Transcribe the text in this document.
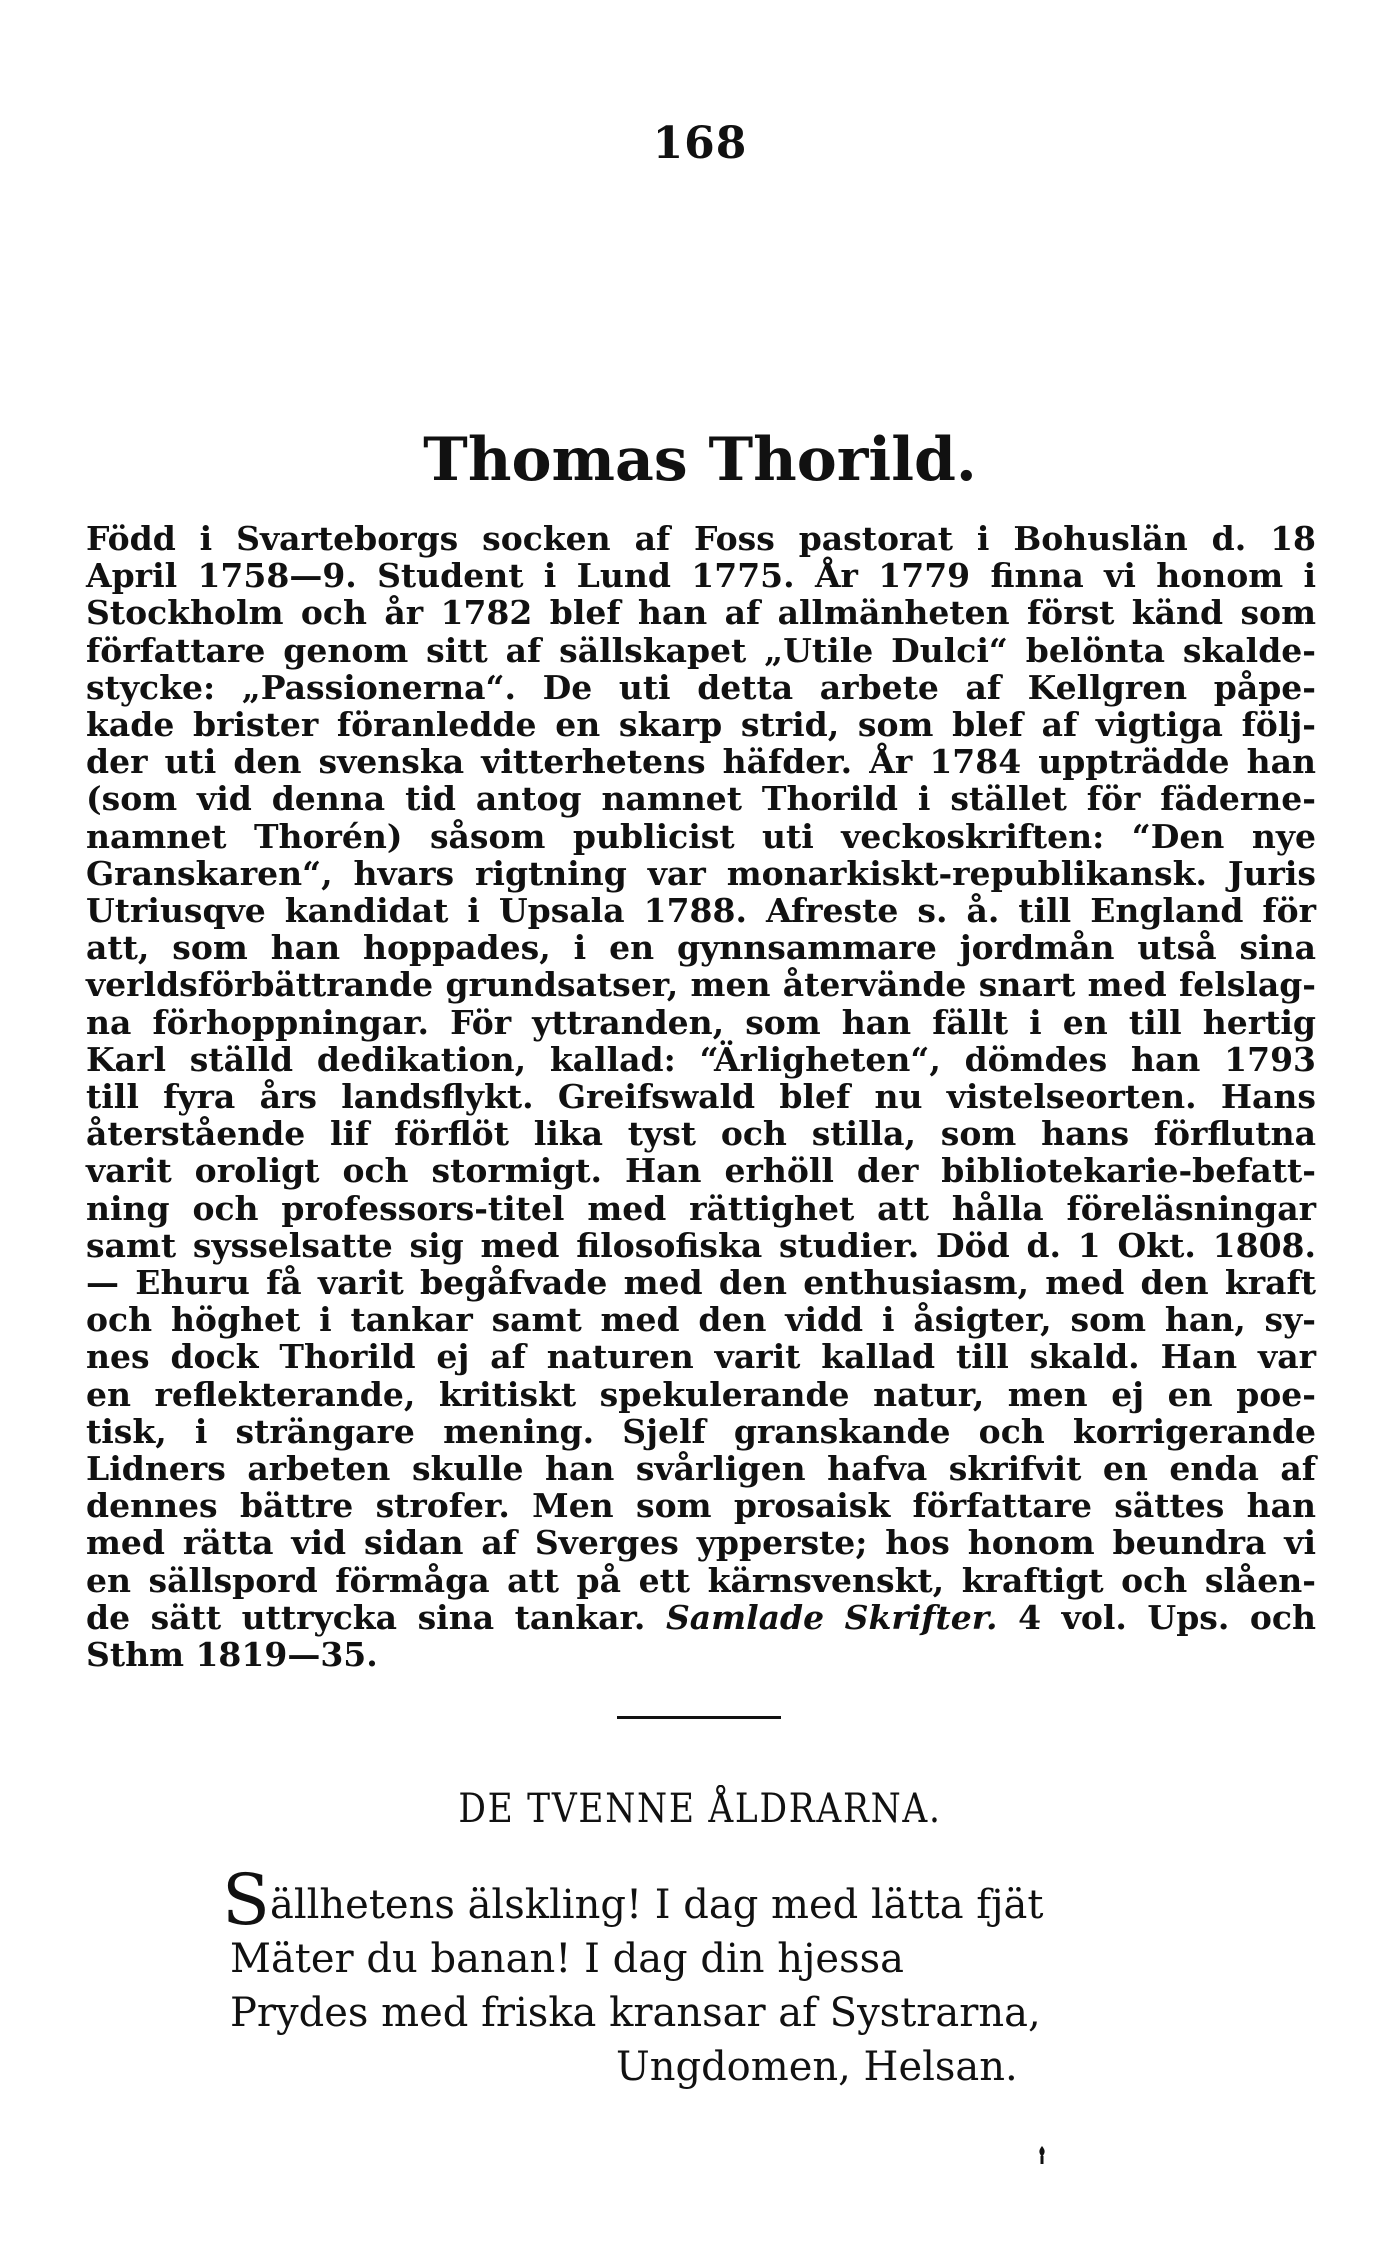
168
Thomas Thorild.
Född i Svarteborgs socken af Foss pastorat i Bohuslän d. 18
April 1758—9. Student i Lund 1775. År 1779 finna vi honom i
Stockholm och år 1782 blef han af allmänheten först känd som
författare genom sitt af sällskapet „Utile Dulci“ belönta skalde-
stycke: „Passionerna“. De uti detta arbete af Kellgren påpe-
kade brister föranledde en skarp strid, som blef af vigtiga följ-
der uti den svenska vitterhetens häfder. År 1784 uppträdde han
(som vid denna tid antog namnet Thorild i stället för fäderne-
namnet Thorén) såsom publicist uti veckoskriften: “Den nye
Granskaren“, hvars rigtning var monarkiskt-republikansk. Juris
Utriusqve kandidat i Upsala 1788. Afreste s. å. till England för
att, som han hoppades, i en gynnsammare jordmån utså sina
verldsförbättrande grundsatser, men återvände snart med felslag-
na förhoppningar. För yttranden, som han fällt i en till hertig
Karl ställd dedikation, kallad: “Ärligheten“, dömdes han 1793
till fyra års landsflykt. Greifswald blef nu vistelseorten. Hans
återstående lif förflöt lika tyst och stilla, som hans förflutna
varit oroligt och stormigt. Han erhöll der bibliotekarie-befatt-
ning och professors-titel med rättighet att hålla föreläsningar
samt sysselsatte sig med filosofiska studier. Död d. 1 Okt. 1808.
— Ehuru få varit begåfvade med den enthusiasm, med den kraft
och höghet i tankar samt med den vidd i åsigter, som han, sy-
nes dock Thorild ej af naturen varit kallad till skald. Han var
en reflekterande, kritiskt spekulerande natur, men ej en poe-
tisk, i strängare mening. Sjelf granskande och korrigerande
Lidners arbeten skulle han svårligen hafva skrifvit en enda af
dennes bättre strofer. Men som prosaisk författare sättes han
med rätta vid sidan af Sverges ypperste; hos honom beundra vi
en sällspord förmåga att på ett kärnsvenskt, kraftigt och slåen-
de sätt uttrycka sina tankar. Samlade Skrifter. 4 vol. Ups. och
Sthm 1819—35.
DE TVENNE ÅLDRARNA.
Sällhetens älskling! I dag med lätta fjät
Mäter du banan! I dag din hjessa
Prydes med friska kransar af Systrarna,
Ungdomen, Helsan.
